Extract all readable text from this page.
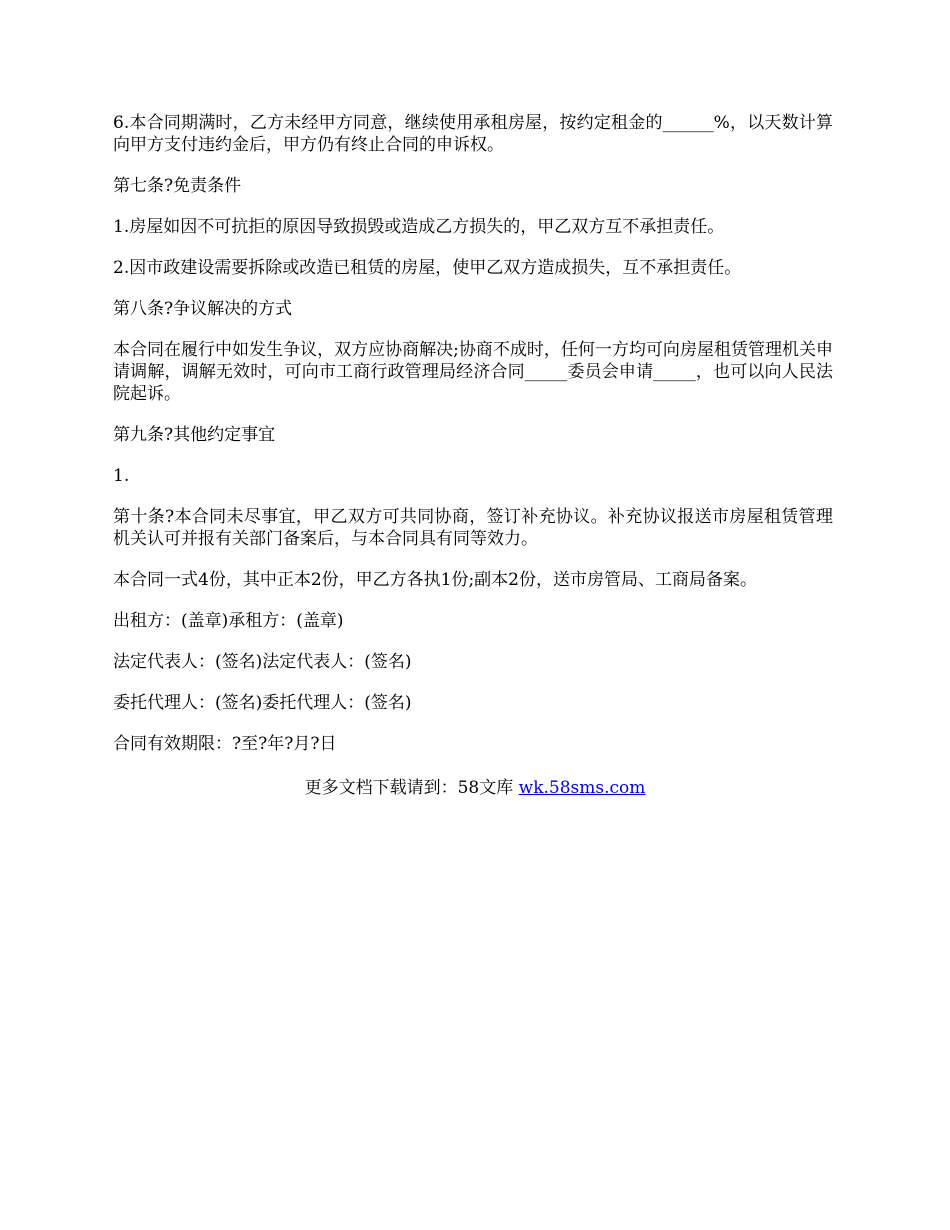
6.本合同期满时，乙方未经甲方同意，继续使用承租房屋，按约定租金的______%，以天数计算向甲方支付违约金后，甲方仍有终止合同的申诉权。

第七条?免责条件

1.房屋如因不可抗拒的原因导致损毁或造成乙方损失的，甲乙双方互不承担责任。

2.因市政建设需要拆除或改造已租赁的房屋，使甲乙双方造成损失，互不承担责任。

第八条?争议解决的方式

本合同在履行中如发生争议，双方应协商解决;协商不成时，任何一方均可向房屋租赁管理机关申请调解，调解无效时，可向市工商行政管理局经济合同_____委员会申请_____，也可以向人民法院起诉。

第九条?其他约定事宜

1.

第十条?本合同未尽事宜，甲乙双方可共同协商，签订补充协议。补充协议报送市房屋租赁管理机关认可并报有关部门备案后，与本合同具有同等效力。

本合同一式4份，其中正本2份，甲乙方各执1份;副本2份，送市房管局、工商局备案。

出租方：(盖章)承租方：(盖章)

法定代表人：(签名)法定代表人：(签名)

委托代理人：(签名)委托代理人：(签名)

合同有效期限：?至?年?月?日

更多文档下载请到：58文库 wk.58sms.com
